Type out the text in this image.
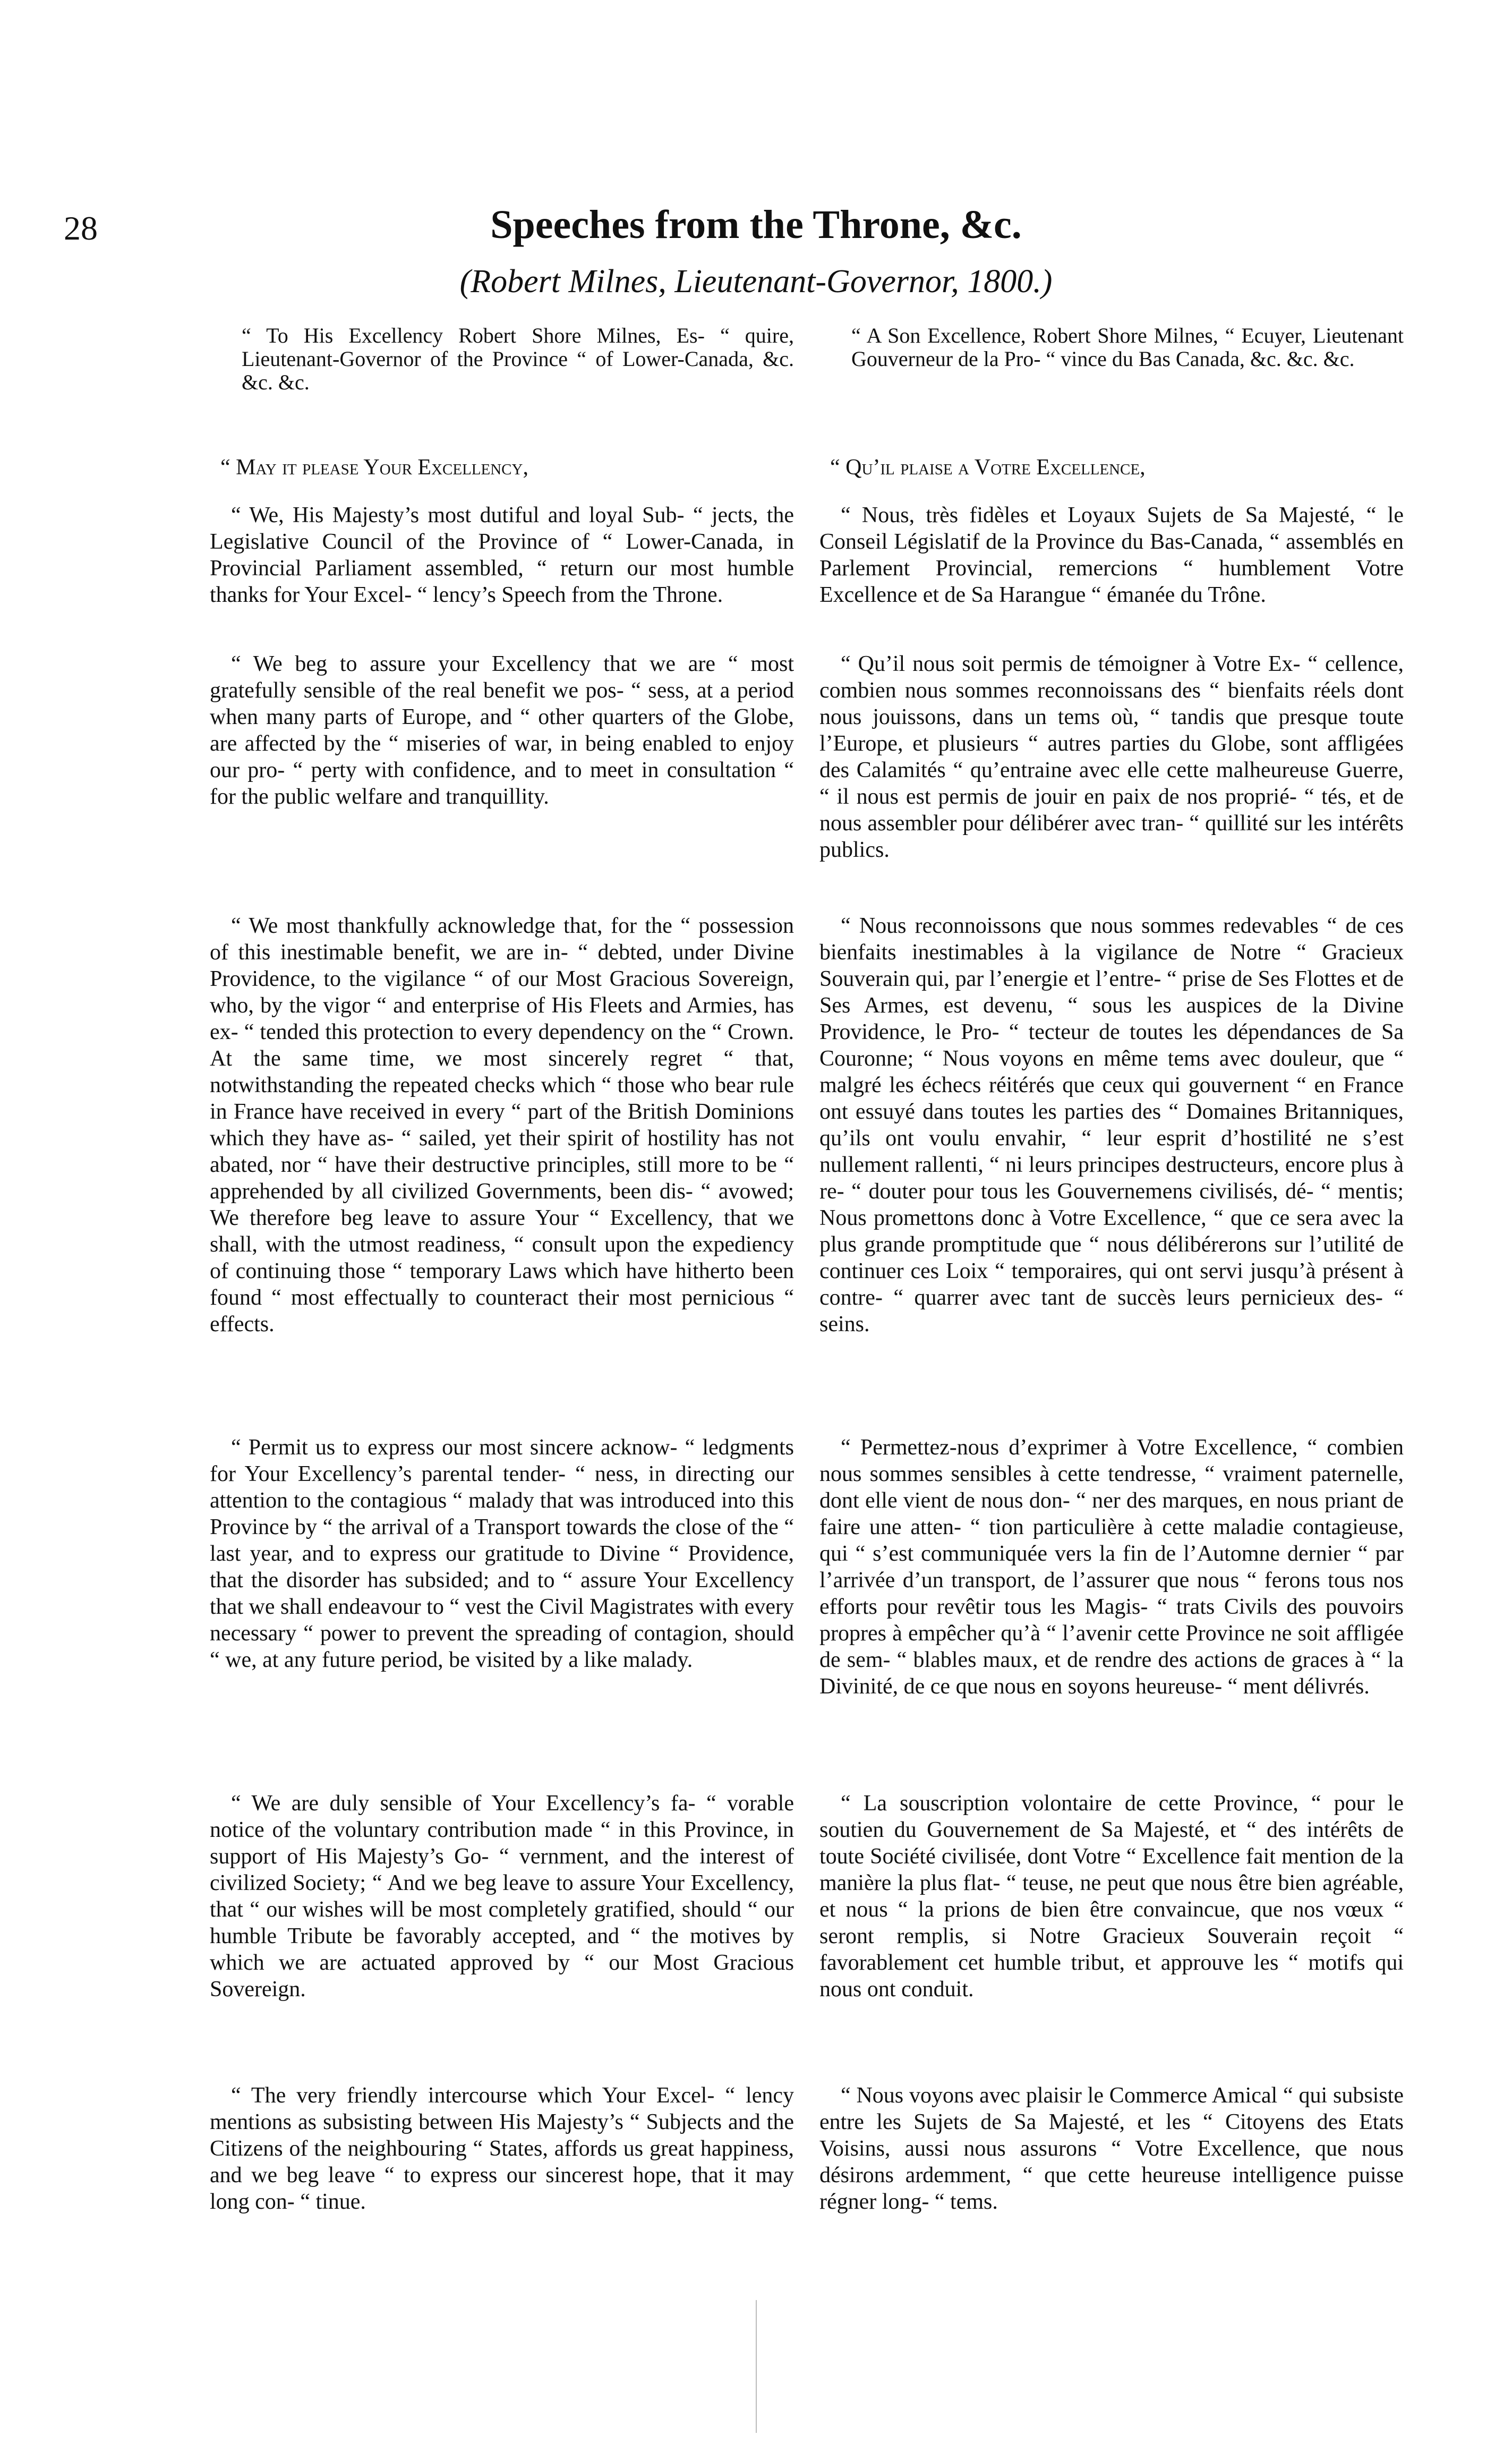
28	Speeches from the Throne, &c.
(Robert Milnes, Lieutenant-Governor, 1800.)

“ To His Excellency Robert Shore Milnes, Es- “ quire, Lieutenant-Governor of the Province “ of Lower-Canada, &c. &c. &c.

“ May it please Your Excellency,

“ We, His Majesty’s most dutiful and loyal Sub- “ jects, the Legislative Council of the Province of “ Lower-Canada, in Provincial Parliament assembled, “ return our most humble thanks for Your Excel- “ lency’s Speech from the Throne.

“ We beg to assure your Excellency that we are “ most gratefully sensible of the real benefit we pos- “ sess, at a period when many parts of Europe, and “ other quarters of the Globe, are affected by the “ miseries of war, in being enabled to enjoy our pro- “ perty with confidence, and to meet in consultation “ for the public welfare and tranquillity.

“ We most thankfully acknowledge that, for the “ possession of this inestimable benefit, we are in- “ debted, under Divine Providence, to the vigilance “ of our Most Gracious Sovereign, who, by the vigor “ and enterprise of His Fleets and Armies, has ex- “ tended this protection to every dependency on the “ Crown. At the same time, we most sincerely regret “ that, notwithstanding the repeated checks which “ those who bear rule in France have received in every “ part of the British Dominions which they have as- “ sailed, yet their spirit of hostility has not abated, nor “ have their destructive principles, still more to be “ apprehended by all civilized Governments, been dis- “ avowed; We therefore beg leave to assure Your “ Excellency, that we shall, with the utmost readiness, “ consult upon the expediency of continuing those “ temporary Laws which have hitherto been found “ most effectually to counteract their most pernicious “ effects.

“ Permit us to express our most sincere acknow- “ ledgments for Your Excellency’s parental tender- “ ness, in directing our attention to the contagious “ malady that was introduced into this Province by “ the arrival of a Transport towards the close of the “ last year, and to express our gratitude to Divine “ Providence, that the disorder has subsided; and to “ assure Your Excellency that we shall endeavour to “ vest the Civil Magistrates with every necessary “ power to prevent the spreading of contagion, should “ we, at any future period, be visited by a like malady.

“ We are duly sensible of Your Excellency’s fa- “ vorable notice of the voluntary contribution made “ in this Province, in support of His Majesty’s Go- “ vernment, and the interest of civilized Society; “ And we beg leave to assure Your Excellency, that “ our wishes will be most completely gratified, should “ our humble Tribute be favorably accepted, and “ the motives by which we are actuated approved by “ our Most Gracious Sovereign.

“ The very friendly intercourse which Your Excel- “ lency mentions as subsisting between His Majesty’s “ Subjects and the Citizens of the neighbouring “ States, affords us great happiness, and we beg leave “ to express our sincerest hope, that it may long con- “ tinue.

“ A Son Excellence, Robert Shore Milnes, “ Ecuyer, Lieutenant Gouverneur de la Pro- “ vince du Bas Canada, &c. &c. &c.

“ Qu’il plaise a Votre Excellence,

“ Nous, très fidèles et Loyaux Sujets de Sa Majesté, “ le Conseil Législatif de la Province du Bas-Canada, “ assemblés en Parlement Provincial, remercions “ humblement Votre Excellence et de Sa Harangue “ émanée du Trône.

“ Qu’il nous soit permis de témoigner à Votre Ex- “ cellence, combien nous sommes reconnoissans des “ bienfaits réels dont nous jouissons, dans un tems où, “ tandis que presque toute l’Europe, et plusieurs “ autres parties du Globe, sont affligées des Calamités “ qu’entraine avec elle cette malheureuse Guerre, “ il nous est permis de jouir en paix de nos proprié- “ tés, et de nous assembler pour délibérer avec tran- “ quillité sur les intérêts publics.

“ Nous reconnoissons que nous sommes redevables “ de ces bienfaits inestimables à la vigilance de Notre “ Gracieux Souverain qui, par l’energie et l’entre- “ prise de Ses Flottes et de Ses Armes, est devenu, “ sous les auspices de la Divine Providence, le Pro- “ tecteur de toutes les dépendances de Sa Couronne; “ Nous voyons en même tems avec douleur, que “ malgré les échecs réitérés que ceux qui gouvernent “ en France ont essuyé dans toutes les parties des “ Domaines Britanniques, qu’ils ont voulu envahir, “ leur esprit d’hostilité ne s’est nullement rallenti, “ ni leurs principes destructeurs, encore plus à re- “ douter pour tous les Gouvernemens civilisés, dé- “ mentis; Nous promettons donc à Votre Excellence, “ que ce sera avec la plus grande promptitude que “ nous délibérerons sur l’utilité de continuer ces Loix “ temporaires, qui ont servi jusqu’à présent à contre- “ quarrer avec tant de succès leurs pernicieux des- “ seins.

“ Permettez-nous d’exprimer à Votre Excellence, “ combien nous sommes sensibles à cette tendresse, “ vraiment paternelle, dont elle vient de nous don- “ ner des marques, en nous priant de faire une atten- “ tion particulière à cette maladie contagieuse, qui “ s’est communiquée vers la fin de l’Automne dernier “ par l’arrivée d’un transport, de l’assurer que nous “ ferons tous nos efforts pour revêtir tous les Magis- “ trats Civils des pouvoirs propres à empêcher qu’à “ l’avenir cette Province ne soit affligée de sem- “ blables maux, et de rendre des actions de graces à “ la Divinité, de ce que nous en soyons heureuse- “ ment délivrés.

“ La souscription volontaire de cette Province, “ pour le soutien du Gouvernement de Sa Majesté, et “ des intérêts de toute Société civilisée, dont Votre “ Excellence fait mention de la manière la plus flat- “ teuse, ne peut que nous être bien agréable, et nous “ la prions de bien être convaincue, que nos vœux “ seront remplis, si Notre Gracieux Souverain reçoit “ favorablement cet humble tribut, et approuve les “ motifs qui nous ont conduit.

“ Nous voyons avec plaisir le Commerce Amical “ qui subsiste entre les Sujets de Sa Majesté, et les “ Citoyens des Etats Voisins, aussi nous assurons “ Votre Excellence, que nous désirons ardemment, “ que cette heureuse intelligence puisse régner long- “ tems.
